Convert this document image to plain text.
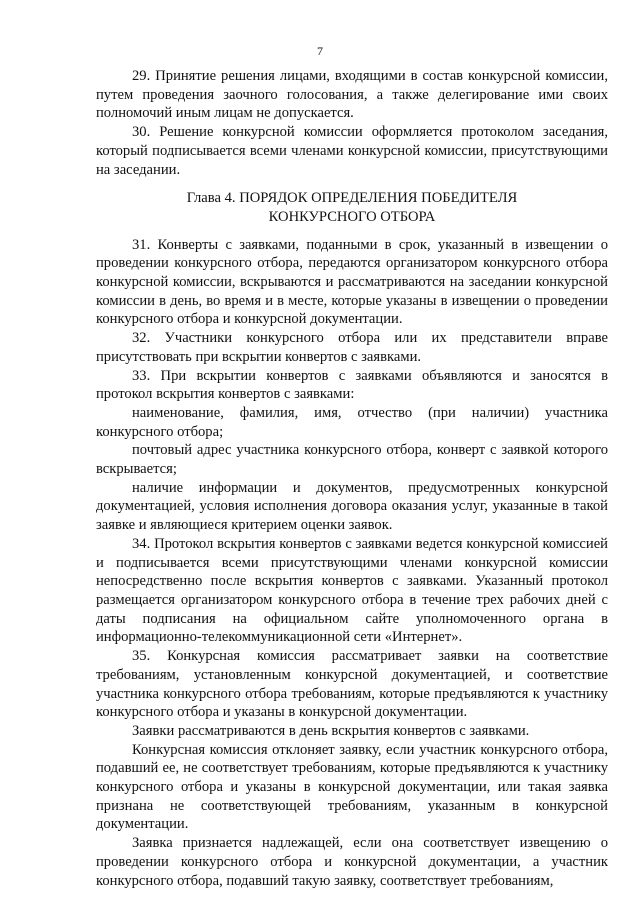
7

29. Принятие решения лицами, входящими в состав конкурсной комиссии, путем проведения заочного голосования, а также делегирование ими своих полномочий иным лицам не допускается.

30. Решение конкурсной комиссии оформляется протоколом заседания, который подписывается всеми членами конкурсной комиссии, присутствующими на заседании.

Глава 4. ПОРЯДОК ОПРЕДЕЛЕНИЯ ПОБЕДИТЕЛЯ
КОНКУРСНОГО ОТБОРА

31. Конверты с заявками, поданными в срок, указанный в извещении о проведении конкурсного отбора, передаются организатором конкурсного отбора конкурсной комиссии, вскрываются и рассматриваются на заседании конкурсной комиссии в день, во время и в месте, которые указаны в извещении о проведении конкурсного отбора и конкурсной документации.

32. Участники конкурсного отбора или их представители вправе присутствовать при вскрытии конвертов с заявками.

33. При вскрытии конвертов с заявками объявляются и заносятся в протокол вскрытия конвертов с заявками:

наименование, фамилия, имя, отчество (при наличии) участника конкурсного отбора;

почтовый адрес участника конкурсного отбора, конверт с заявкой которого вскрывается;

наличие информации и документов, предусмотренных конкурсной документацией, условия исполнения договора оказания услуг, указанные в такой заявке и являющиеся критерием оценки заявок.

34. Протокол вскрытия конвертов с заявками ведется конкурсной комиссией и подписывается всеми присутствующими членами конкурсной комиссии непосредственно после вскрытия конвертов с заявками. Указанный протокол размещается организатором конкурсного отбора в течение трех рабочих дней с даты подписания на официальном сайте уполномоченного органа в информационно-телекоммуникационной сети «Интернет».

35. Конкурсная комиссия рассматривает заявки на соответствие требованиям, установленным конкурсной документацией, и соответствие участника конкурсного отбора требованиям, которые предъявляются к участнику конкурсного отбора и указаны в конкурсной документации.

Заявки рассматриваются в день вскрытия конвертов с заявками.

Конкурсная комиссия отклоняет заявку, если участник конкурсного отбора, подавший ее, не соответствует требованиям, которые предъявляются к участнику конкурсного отбора и указаны в конкурсной документации, или такая заявка признана не соответствующей требованиям, указанным в конкурсной документации.

Заявка признается надлежащей, если она соответствует извещению о проведении конкурсного отбора и конкурсной документации, а участник конкурсного отбора, подавший такую заявку, соответствует требованиям,
